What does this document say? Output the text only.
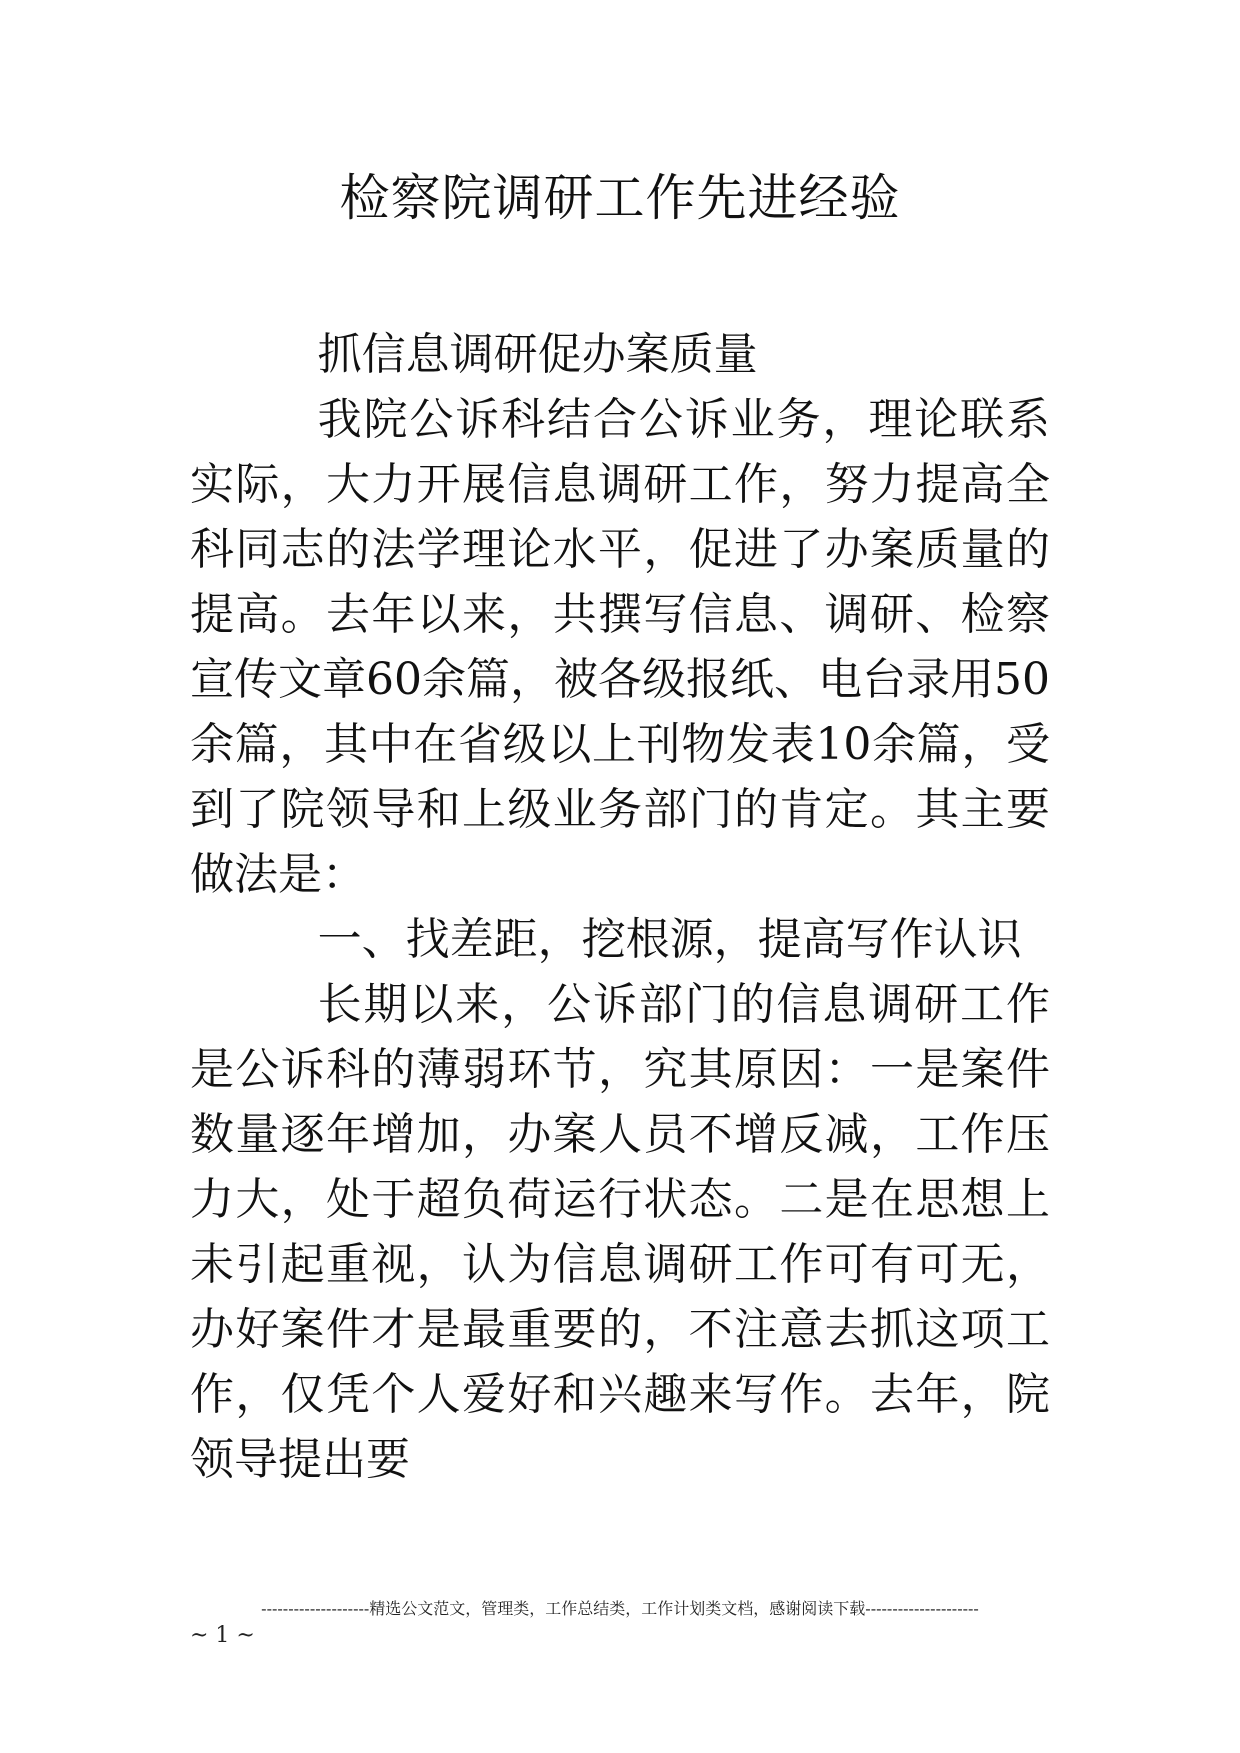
检察院调研工作先进经验

抓信息调研促办案质量

我院公诉科结合公诉业务，理论联系实际，大力开展信息调研工作，努力提高全科同志的法学理论水平，促进了办案质量的提高。去年以来，共撰写信息、调研、检察宣传文章60余篇，被各级报纸、电台录用50余篇，其中在省级以上刊物发表10余篇，受到了院领导和上级业务部门的肯定。其主要做法是：

一、找差距，挖根源，提高写作认识

长期以来，公诉部门的信息调研工作是公诉科的薄弱环节，究其原因：一是案件数量逐年增加，办案人员不增反减，工作压力大，处于超负荷运行状态。二是在思想上未引起重视，认为信息调研工作可有可无，办好案件才是最重要的，不注意去抓这项工作，仅凭个人爱好和兴趣来写作。去年，院领导提出要

--------------------精选公文范文，管理类，工作总结类，工作计划类文档，感谢阅读下载---------------------
~ 1 ~
